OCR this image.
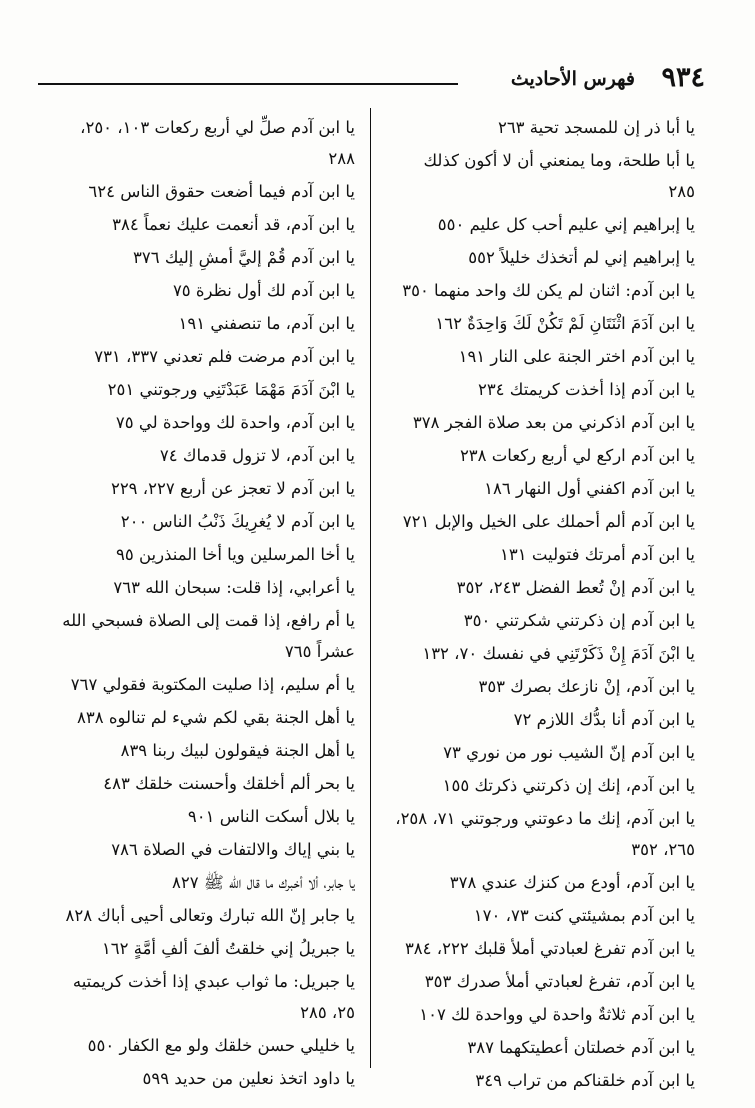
٩٣٤
فهرس الأحاديث
يا أبا ذر إن للمسجد تحية ٢٦٣
يا أبا طلحة، وما يمنعني أن لا أكون كذلك ٢٨٥
يا إبراهيم إني عليم أحب كل عليم ٥٥٠
يا إبراهيم إني لم أتخذك خليلاً ٥٥٢
يا ابن آدم: اثنان لم يكن لك واحد منهما ٣٥٠
يا ابن آدَمَ اثْنَتَانِ لَمْ تَكُنْ لَكَ وَاحِدَةٌ ١٦٢
يا ابن آدم اختر الجنة على النار ١٩١
يا ابن آدم إذا أخذت كريمتك ٢٣٤
يا ابن آدم اذكرني من بعد صلاة الفجر ٣٧٨
يا ابن آدم اركع لي أربع ركعات ٢٣٨
يا ابن آدم اكفني أول النهار ١٨٦
يا ابن آدم ألم أحملك على الخيل والإبل ٧٢١
يا ابن آدم أمرتك فتوليت ١٣١
يا ابن آدم إنْ تُعط الفضل ٢٤٣، ٣٥٢
يا ابن آدم إن ذكرتني شكرتني ٣٥٠
يا ابْنَ آدَمَ إِنْ ذَكَرْتَنِي في نفسك ٧٠، ١٣٢
يا ابن آدم، إنْ نازعك بصرك ٣٥٣
يا ابن آدم أنا بدُّك اللازم ٧٢
يا ابن آدم إنّ الشيب نور من نوري ٧٣
يا ابن آدم، إنك إن ذكرتني ذكرتك ١٥٥
يا ابن آدم، إنك ما دعوتني ورجوتني ٧١، ٢٥٨، ٢٦٥، ٣٥٢
يا ابن آدم، أودع من كنزك عندي ٣٧٨
يا ابن آدم بمشيئتي كنت ٧٣، ١٧٠
يا ابن آدم تفرغ لعبادتي أملأ قلبك ٢٢٢، ٣٨٤
يا ابن آدم، تفرغ لعبادتي أملأ صدرك ٣٥٣
يا ابن آدم ثلاثةٌ واحدة لي وواحدة لك ١٠٧
يا ابن آدم خصلتان أعطيتكهما ٣٨٧
يا ابن آدم خلقناكم من تراب ٣٤٩
يا ابن آدم صلِّ لي أربع ركعات ١٠٣، ٢٥٠، ٢٨٨
يا ابن آدم فيما أضعت حقوق الناس ٦٢٤
يا ابن آدم، قد أنعمت عليك نعماً ٣٨٤
يا ابن آدم قُمْ إليَّ أمشِ إليك ٣٧٦
يا ابن آدم لك أول نظرة ٧٥
يا ابن آدم، ما تنصفني ١٩١
يا ابن آدم مرضت فلم تعدني ٣٣٧، ٧٣١
يا ابْنَ آدَمَ مَهْمَا عَبَدْتَنِي ورجوتني ٢٥١
يا ابن آدم، واحدة لك وواحدة لي ٧٥
يا ابن آدم، لا تزول قدماك ٧٤
يا ابن آدم لا تعجز عن أربع ٢٢٧، ٢٢٩
يا ابن آدم لا يُغرِيكَ ذَنْبُ الناس ٢٠٠
يا أخا المرسلين ويا أخا المنذرين ٩٥
يا أعرابي، إذا قلت: سبحان الله ٧٦٣
يا أم رافع، إذا قمت إلى الصلاة فسبحي الله عشراً ٧٦٥
يا أم سليم، إذا صليت المكتوبة فقولي ٧٦٧
يا أهل الجنة بقي لكم شيء لم تنالوه ٨٣٨
يا أهل الجنة فيقولون لبيك ربنا ٨٣٩
يا بحر ألم أخلقك وأحسنت خلقك ٤٨٣
يا بلال أسكت الناس ٩٠١
يا بني إياك والالتفات في الصلاة ٧٨٦
يا جابر، ألا أخبرك ما قال الله ﷺ ٨٢٧
يا جابر إنّ الله تبارك وتعالى أحيى أباك ٨٢٨
يا جبريلُ إني خلقتُ ألفَ ألفِ أمَّةٍ ١٦٢
يا جبريل: ما ثواب عبدي إذا أخذت كريمتيه ٢٥، ٢٨٥
يا خليلي حسن خلقك ولو مع الكفار ٥٥٠
يا داود اتخذ نعلين من حديد ٥٩٩
